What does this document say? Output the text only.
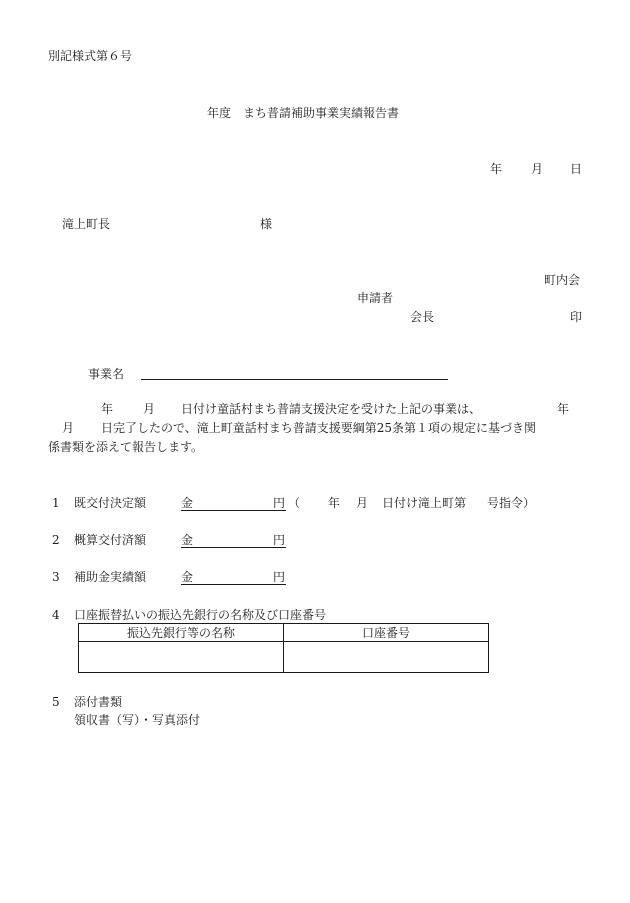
別記様式第６号
年度　まち普請補助事業実績報告書
年 月 日
滝上町長	様
町内会
申請者
会長	印
事業名
年 月 日付け童話村まち普請支援決定を受けた上記の事業は、	年
月 日完了したので、滝上町童話村まち普請支援要綱第25条第１項の規定に基づき関
係書類を添えて報告します。
1 既交付決定額	金	円 （ 年 月 日付け滝上町第 号指令）
2 概算交付済額	金	円
3 補助金実績額	金	円
4 口座振替払いの振込先銀行の名称及び口座番号
振込先銀行等の名称	口座番号

5 添付書類
領収書（写）・写真添付
